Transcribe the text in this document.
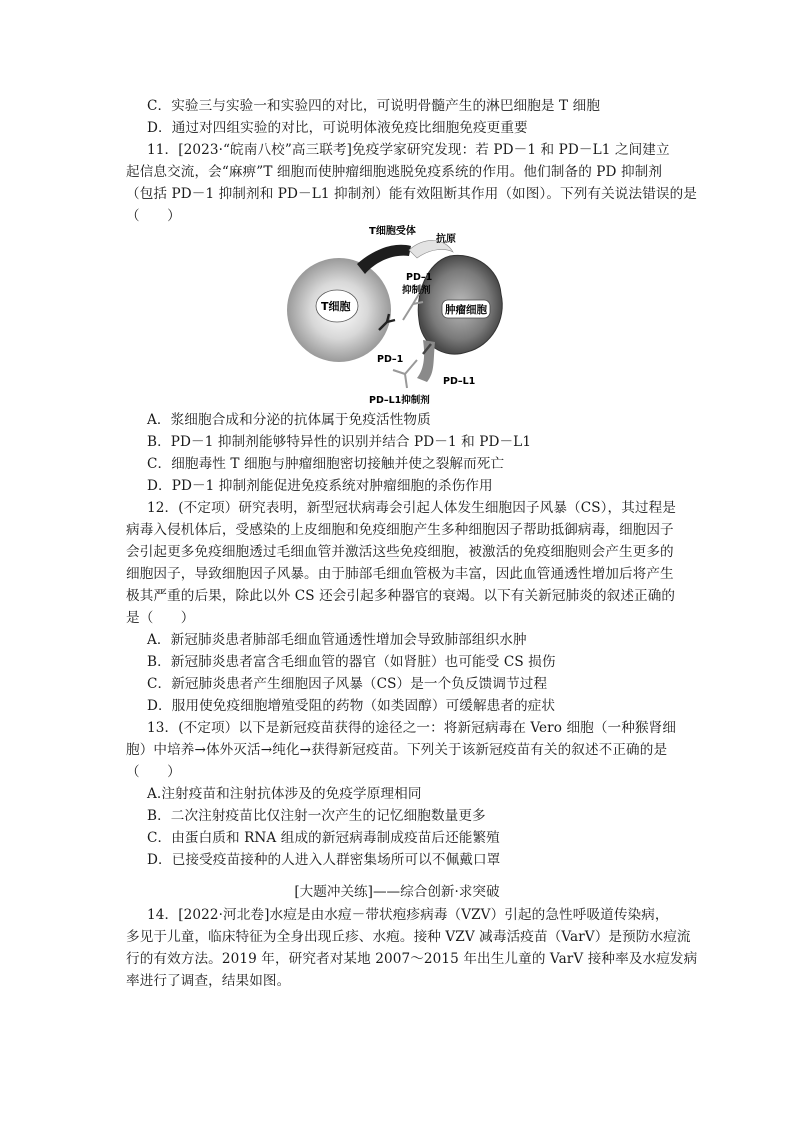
C．实验三与实验一和实验四的对比，可说明骨髓产生的淋巴细胞是 T 细胞
D．通过对四组实验的对比，可说明体液免疫比细胞免疫更重要
11．[2023·“皖南八校”高三联考]免疫学家研究发现：若 PD－1 和 PD－L1 之间建立
起信息交流，会“麻痹”T 细胞而使肿瘤细胞逃脱免疫系统的作用。他们制备的 PD 抑制剂
（包括 PD－1 抑制剂和 PD－L1 抑制剂）能有效阻断其作用（如图）。下列有关说法错误的是
（　　）
T细胞受体
抗原
PD–1
抑制剂
T细胞	肿瘤细胞
PD–1
PD–L1
PD–L1抑制剂
A．浆细胞合成和分泌的抗体属于免疫活性物质
B．PD－1 抑制剂能够特异性的识别并结合 PD－1 和 PD－L1
C．细胞毒性 T 细胞与肿瘤细胞密切接触并使之裂解而死亡
D．PD－1 抑制剂能促进免疫系统对肿瘤细胞的杀伤作用
12．(不定项）研究表明，新型冠状病毒会引起人体发生细胞因子风暴（CS），其过程是
病毒入侵机体后，受感染的上皮细胞和免疫细胞产生多种细胞因子帮助抵御病毒，细胞因子
会引起更多免疫细胞透过毛细血管并激活这些免疫细胞，被激活的免疫细胞则会产生更多的
细胞因子，导致细胞因子风暴。由于肺部毛细血管极为丰富，因此血管通透性增加后将产生
极其严重的后果，除此以外 CS 还会引起多种器官的衰竭。以下有关新冠肺炎的叙述正确的
是（　　）
A．新冠肺炎患者肺部毛细血管通透性增加会导致肺部组织水肿
B．新冠肺炎患者富含毛细血管的器官（如肾脏）也可能受 CS 损伤
C．新冠肺炎患者产生细胞因子风暴（CS）是一个负反馈调节过程
D．服用使免疫细胞增殖受阻的药物（如类固醇）可缓解患者的症状
13．(不定项）以下是新冠疫苗获得的途径之一：将新冠病毒在 Vero 细胞（一种猴肾细
胞）中培养→体外灭活→纯化→获得新冠疫苗。下列关于该新冠疫苗有关的叙述不正确的是
（　　）
A.注射疫苗和注射抗体涉及的免疫学原理相同
B．二次注射疫苗比仅注射一次产生的记忆细胞数量更多
C．由蛋白质和 RNA 组成的新冠病毒制成疫苗后还能繁殖
D．已接受疫苗接种的人进入人群密集场所可以不佩戴口罩
[大题冲关练]——综合创新·求突破
14．[2022·河北卷]水痘是由水痘－带状疱疹病毒（VZV）引起的急性呼吸道传染病，
多见于儿童，临床特征为全身出现丘疹、水疱。接种 VZV 减毒活疫苗（VarV）是预防水痘流
行的有效方法。2019 年，研究者对某地 2007～2015 年出生儿童的 VarV 接种率及水痘发病
率进行了调查，结果如图。
